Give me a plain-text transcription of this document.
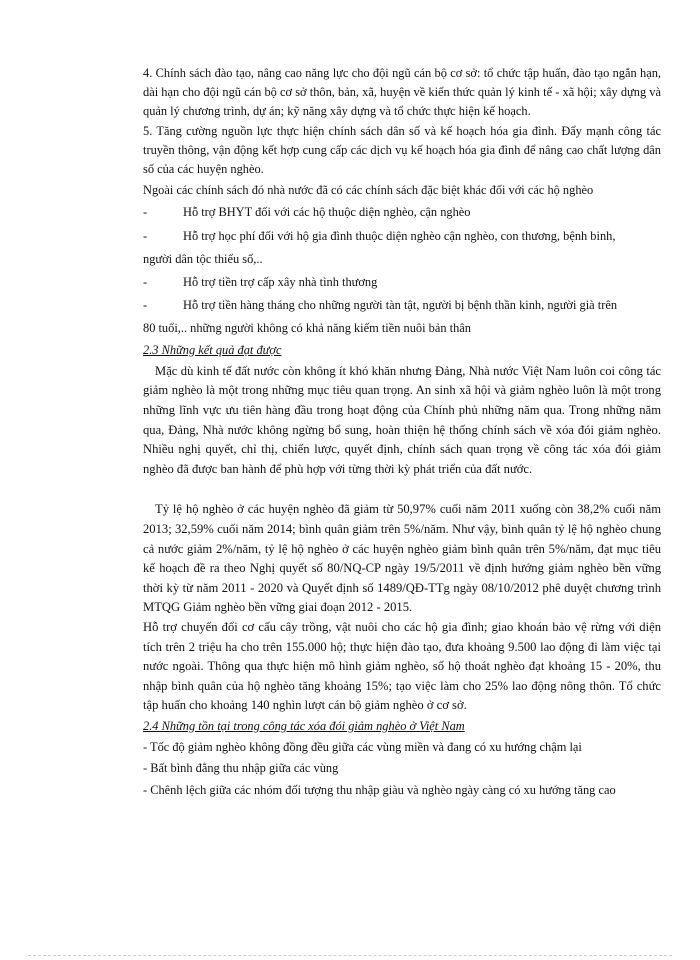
4. Chính sách đào tạo, nâng cao năng lực cho đội ngũ cán bộ cơ sở: tổ chức tập huấn, đào tạo ngắn hạn, dài hạn cho đội ngũ cán bộ cơ sở thôn, bản, xã, huyện về kiến thức quản lý kinh tế - xã hội; xây dựng và quản lý chương trình, dự án; kỹ năng xây dựng và tổ chức thực hiện kế hoạch.

5. Tăng cường nguồn lực thực hiện chính sách dân số và kế hoạch hóa gia đình. Đẩy mạnh công tác truyền thông, vận động kết hợp cung cấp các dịch vụ kế hoạch hóa gia đình để nâng cao chất lượng dân số của các huyện nghèo.

Ngoài các chính sách đó nhà nước đã có các chính sách đặc biệt khác đối với các hộ nghèo

-	Hỗ trợ BHYT đối với các hộ thuộc diện nghèo, cận nghèo
-	Hỗ trợ học phí đối với hộ gia đình thuộc diện nghèo cận nghèo, con thương, bệnh binh,

người dân tộc thiểu số,..

-	Hỗ trợ tiền trợ cấp xây nhà tình thương
-	Hỗ trợ tiền hàng tháng cho những người tàn tật, người bị bệnh thần kinh, người già trên

80 tuổi,.. những người không có khả năng kiếm tiền nuôi bản thân

2.3 Những kết quả đạt được

Mặc dù kinh tế đất nước còn không ít khó khăn nhưng Đảng, Nhà nước Việt Nam luôn coi công tác giảm nghèo là một trong những mục tiêu quan trọng. An sinh xã hội và giảm nghèo luôn là một trong những lĩnh vực ưu tiên hàng đầu trong hoạt động của Chính phủ những năm qua. Trong những năm qua, Đảng, Nhà nước không ngừng bổ sung, hoàn thiện hệ thống chính sách về xóa đói giảm nghèo. Nhiều nghị quyết, chỉ thị, chiến lược, quyết định, chính sách quan trọng về công tác xóa đói giảm nghèo đã được ban hành để phù hợp với từng thời kỳ phát triển của đất nước.

Tỷ lệ hộ nghèo ở các huyện nghèo đã giảm từ 50,97% cuối năm 2011 xuống còn 38,2% cuối năm 2013; 32,59% cuối năm 2014; bình quân giảm trên 5%/năm. Như vậy, bình quân tỷ lệ hộ nghèo chung cả nước giảm 2%/năm, tỷ lệ hộ nghèo ở các huyện nghèo giảm bình quân trên 5%/năm, đạt mục tiêu kế hoạch đề ra theo Nghị quyết số 80/NQ-CP ngày 19/5/2011 về định hướng giảm nghèo bền vững thời kỳ từ năm 2011 - 2020 và Quyết định số 1489/QĐ-TTg ngày 08/10/2012 phê duyệt chương trình MTQG Giảm nghèo bền vững giai đoạn 2012 - 2015.

Hỗ trợ chuyển đổi cơ cấu cây trồng, vật nuôi cho các hộ gia đình; giao khoán bảo vệ rừng với diện tích trên 2 triệu ha cho trên 155.000 hộ; thực hiện đào tạo, đưa khoảng 9.500 lao động đi làm việc tại nước ngoài. Thông qua thực hiện mô hình giảm nghèo, số hộ thoát nghèo đạt khoảng 15 - 20%, thu nhập bình quân của hộ nghèo tăng khoảng 15%; tạo việc làm cho 25% lao động nông thôn. Tổ chức tập huấn cho khoảng 140 nghìn lượt cán bộ giảm nghèo ở cơ sở.

2.4 Những tồn tại trong công tác xóa đói giảm nghèo ở Việt Nam

- Tốc độ giảm nghèo không đồng đều giữa các vùng miền và đang có xu hướng chậm lại

- Bất bình đẳng thu nhập giữa các vùng

- Chênh lệch giữa các nhóm đối tượng thu nhập giàu và nghèo ngày càng có xu hướng tăng cao
